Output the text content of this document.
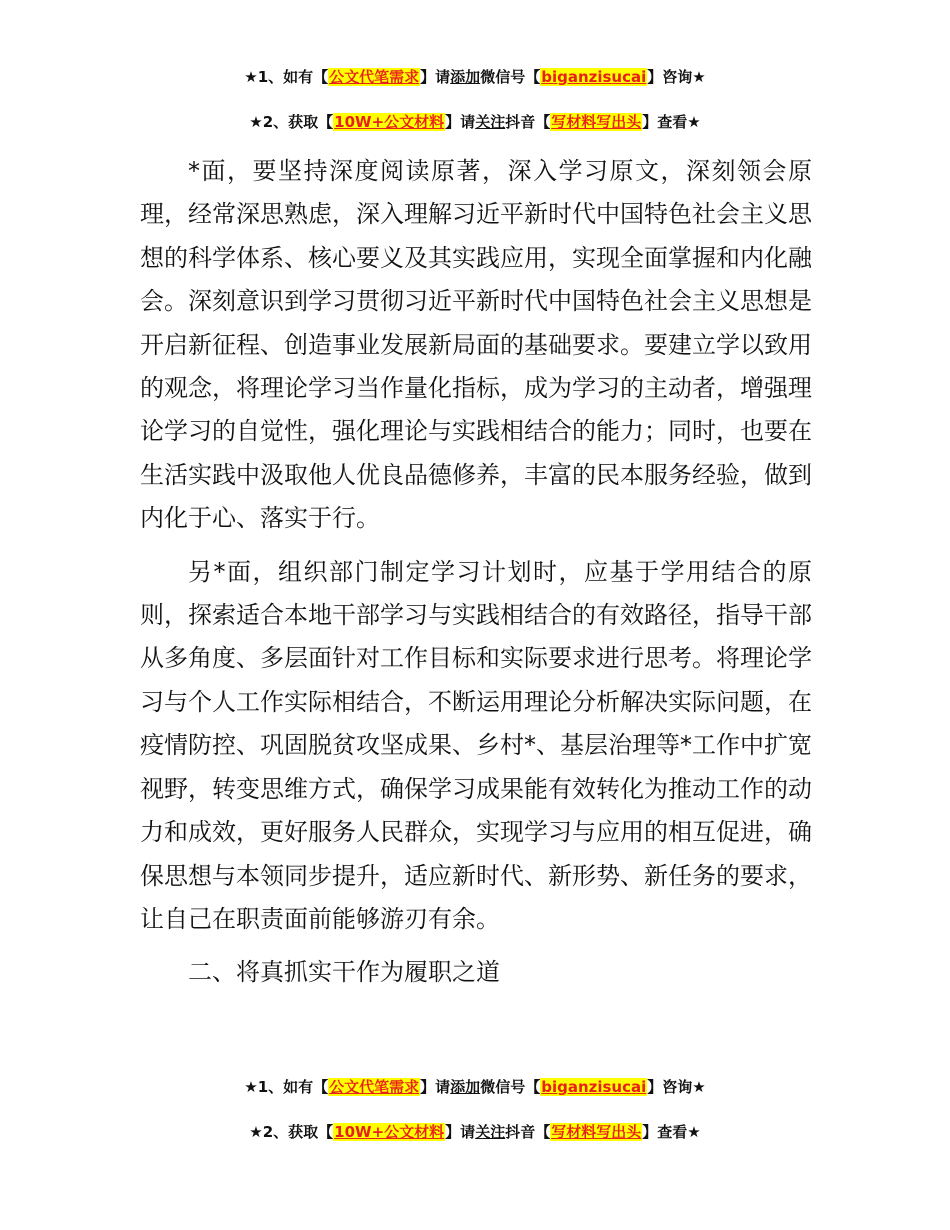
★1、如有【公文代笔需求】请添加微信号【biganzisucai】咨询★
★2、获取【10W+公文材料】请关注抖音【写材料写出头】查看★

*面，要坚持深度阅读原著，深入学习原文，深刻领会原理，经常深思熟虑，深入理解习近平新时代中国特色社会主义思想的科学体系、核心要义及其实践应用，实现全面掌握和内化融会。深刻意识到学习贯彻习近平新时代中国特色社会主义思想是开启新征程、创造事业发展新局面的基础要求。要建立学以致用的观念，将理论学习当作量化指标，成为学习的主动者，增强理论学习的自觉性，强化理论与实践相结合的能力；同时，也要在生活实践中汲取他人优良品德修养，丰富的民本服务经验，做到内化于心、落实于行。

另*面，组织部门制定学习计划时，应基于学用结合的原则，探索适合本地干部学习与实践相结合的有效路径，指导干部从多角度、多层面针对工作目标和实际要求进行思考。将理论学习与个人工作实际相结合，不断运用理论分析解决实际问题，在疫情防控、巩固脱贫攻坚成果、乡村*、基层治理等*工作中扩宽视野，转变思维方式，确保学习成果能有效转化为推动工作的动力和成效，更好服务人民群众，实现学习与应用的相互促进，确保思想与本领同步提升，适应新时代、新形势、新任务的要求，让自己在职责面前能够游刃有余。

二、将真抓实干作为履职之道

★1、如有【公文代笔需求】请添加微信号【biganzisucai】咨询★
★2、获取【10W+公文材料】请关注抖音【写材料写出头】查看★
